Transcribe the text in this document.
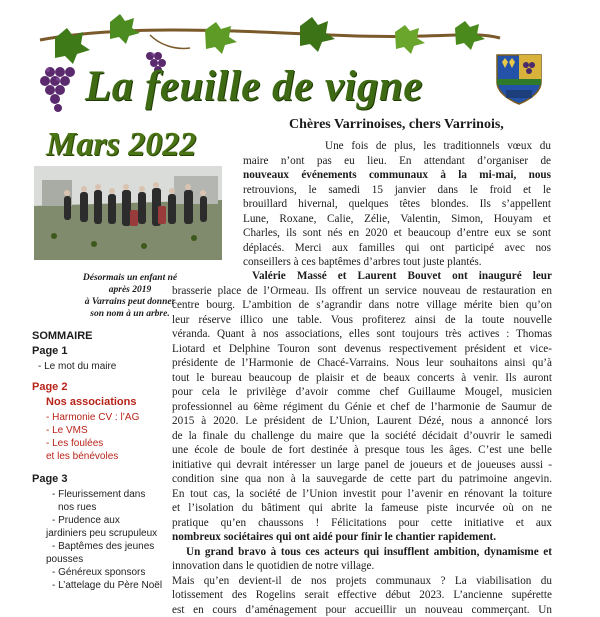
La feuille de vigne
Mars 2022
Chères Varrinoises, chers Varrinois,
Désormais un enfant né
après 2019
à Varrains peut donner
son nom à un arbre.

SOMMAIRE

Page 1

- Le mot du maire

Page 2

Nos associations

- Harmonie CV : l’AG

- Le VMS

- Les foulées

et les bénévoles

Page 3

- Fleurissement dans

nos rues

- Prudence aux

jardiniers peu scrupuleux

- Baptêmes des jeunes

pousses

- Généreux sponsors

- L’attelage du Père Noël

Une fois de plus, les traditionnels vœux du
maire n’ont pas eu lieu. En attendant d’organiser de
nouveaux événements communaux à la mi-mai, nous
retrouvions, le samedi 15 janvier dans le froid et le
brouillard hivernal, quelques têtes blondes. Ils s’appellent
Lune, Roxane, Calie, Zélie, Valentin, Simon, Houyam et
Charles, ils sont nés en 2020 et beaucoup d’entre eux se sont
déplacés. Merci aux familles qui ont participé avec nos
conseillers à ces baptêmes d’arbres tout juste plantés.
Valérie Massé et Laurent Bouvet ont inauguré leur
brasserie place de l’Ormeau. Ils offrent un service nouveau de restauration en
centre bourg. L’ambition de s’agrandir dans notre village mérite bien qu’on
leur réserve illico une table. Vous profiterez ainsi de la toute nouvelle
véranda. Quant à nos associations, elles sont toujours très actives : Thomas
Liotard et Delphine Touron sont devenus respectivement président et vice-
présidente de l’Harmonie de Chacé-Varrains. Nous leur souhaitons ainsi qu’à
tout le bureau beaucoup de plaisir et de beaux concerts à venir. Ils auront
pour cela le privilège d’avoir comme chef Guillaume Mougel, musicien
professionnel au 6ème régiment du Génie et chef de l’harmonie de Saumur de
2015 à 2020. Le président de L’Union, Laurent Dézé, nous a annoncé lors
de la finale du challenge du maire que la société décidait d’ouvrir le samedi
une école de boule de fort destinée à presque tous les âges. C’est une belle
initiative qui devrait intéresser un large panel de joueurs et de joueuses aussi -
condition sine qua non à la sauvegarde de cette part du patrimoine angevin.
En tout cas, la société de l’Union investit pour l’avenir en rénovant la toiture
et l’isolation du bâtiment qui abrite la fameuse piste incurvée où on ne
pratique qu’en chaussons ! Félicitations pour cette initiative et aux
nombreux sociétaires qui ont aidé pour finir le chantier rapidement.
Un grand bravo à tous ces acteurs qui insufflent ambition, dynamisme et
innovation dans le quotidien de notre village.
Mais qu’en devient-il de nos projets communaux ? La viabilisation du
lotissement des Rogelins serait effective début 2023. L’ancienne supérette
est en cours d’aménagement pour accueillir un nouveau commerçant. Un
